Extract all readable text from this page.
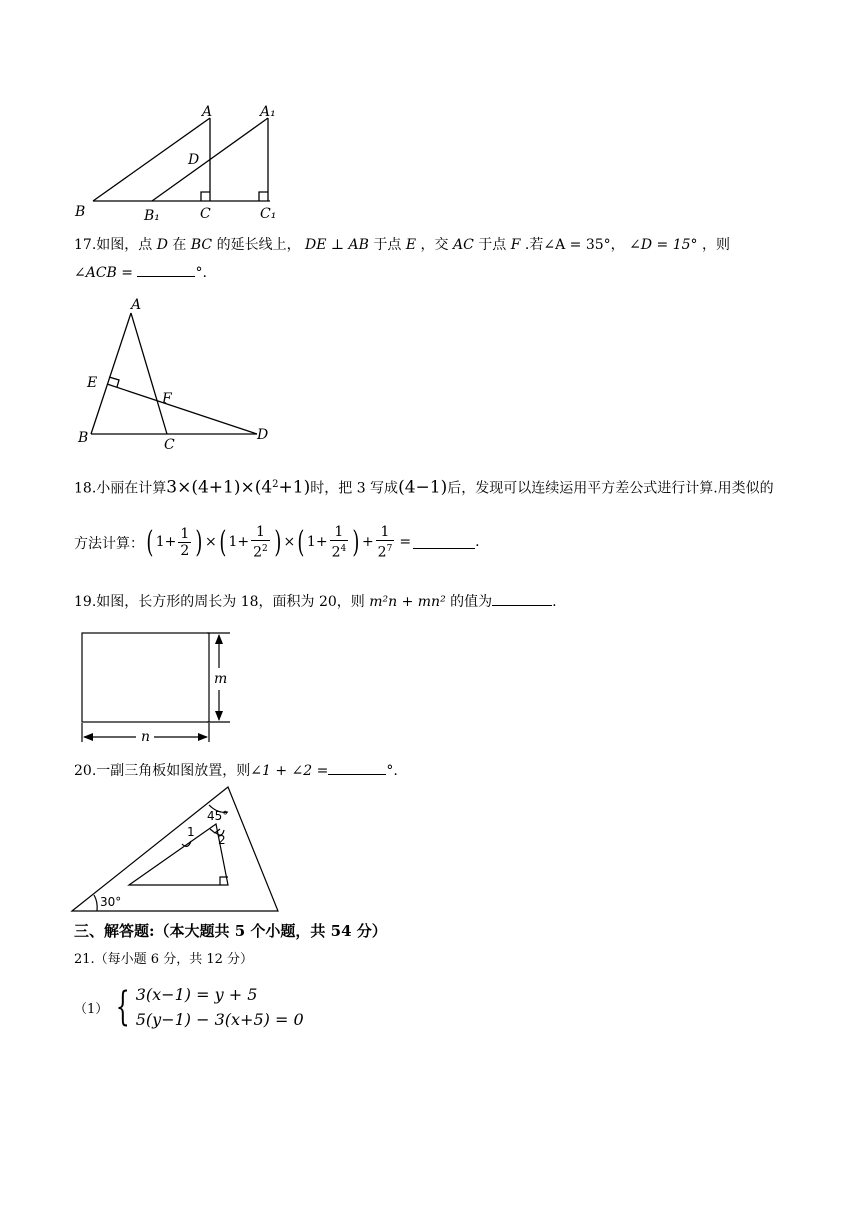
A	A₁
D
B	B₁	C	C₁
17.如图，点 D 在 BC 的延长线上， DE ⊥ AB 于点 E ，交 AC 于点 F .若∠A = 35°， ∠D = 15° ，则
∠ACB =	°.
A
E
F
B	C
D
18.小丽在计算$3\times(4+1)\times(4^2+1)$时，把 3 写成(4−1)后，发现可以连续运用平方差公式进行计算.用类似的
方法计算： ( $1+ \frac{1}{2}$ ) × ( $1+ \frac{1}{2^2}$ ) × ( $1+ \frac{1}{2^4}$ ) + $\frac{1}{2^7}$ =	.
19.如图，长方形的周长为 18，面积为 20，则 m²n + mn² 的值为	.
m
n
20.一副三角板如图放置，则∠1 + ∠2 =	°.
45°
1
2
30°
三、解答题:（本大题共 5 个小题，共 54 分）
21.（每小题 6 分，共 12 分）
（1） { 3(x−1) = y + 5
5(y−1) − 3(x+5) = 0
